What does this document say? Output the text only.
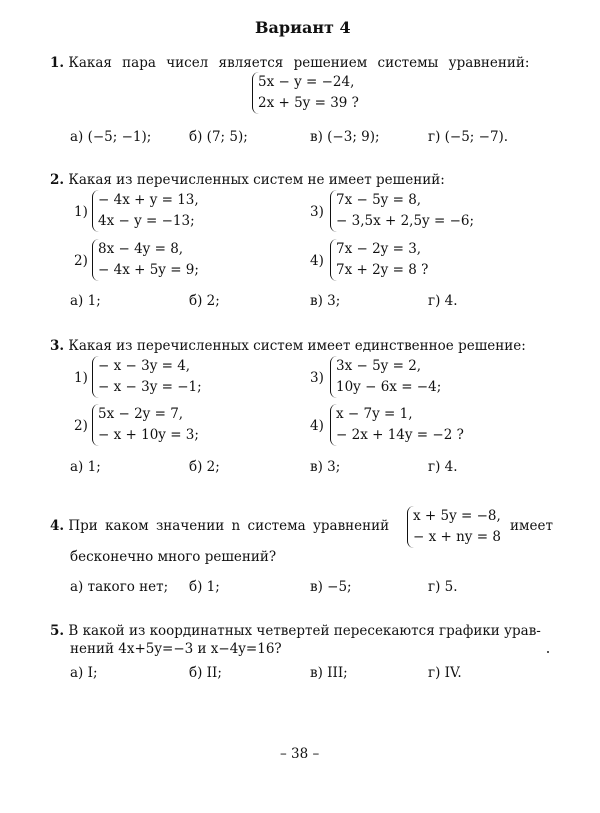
Вариант 4
1. Какая пара чисел является решением системы уравнений:
5x − y = −24,
2x + 5y = 39 ?
а) (−5; −1);	б) (7; 5);	в) (−3; 9);	г) (−5; −7).
2. Какая из перечисленных систем не имеет решений:
1)
− 4x + y = 13,
4x − y = −13;
3)
7x − 5y = 8,
− 3,5x + 2,5y = −6;
2)
8x − 4y = 8,
− 4x + 5y = 9;
4)
7x − 2y = 3,
7x + 2y = 8 ?
а) 1;	б) 2;	в) 3;	г) 4.
3. Какая из перечисленных систем имеет единственное решение:
1)
− x − 3y = 4,
− x − 3y = −1;
3)
3x − 5y = 2,
10y − 6x = −4;
2)
5x − 2y = 7,
− x + 10y = 3;
4)
x − 7y = 1,
− 2x + 14y = −2 ?
а) 1;	б) 2;	в) 3;	г) 4.
4. При каком значении n система уравнений
x + 5y = −8,
− x + ny = 8
имеет
бесконечно много решений?
а) такого нет; б) 1;	в) −5;	г) 5.
5. В какой из координатных четвертей пересекаются графики урав-
нений 4x+5y=−3 и x−4y=16?
а) I;	б) II;	в) III;	г) IV.
– 38 –
